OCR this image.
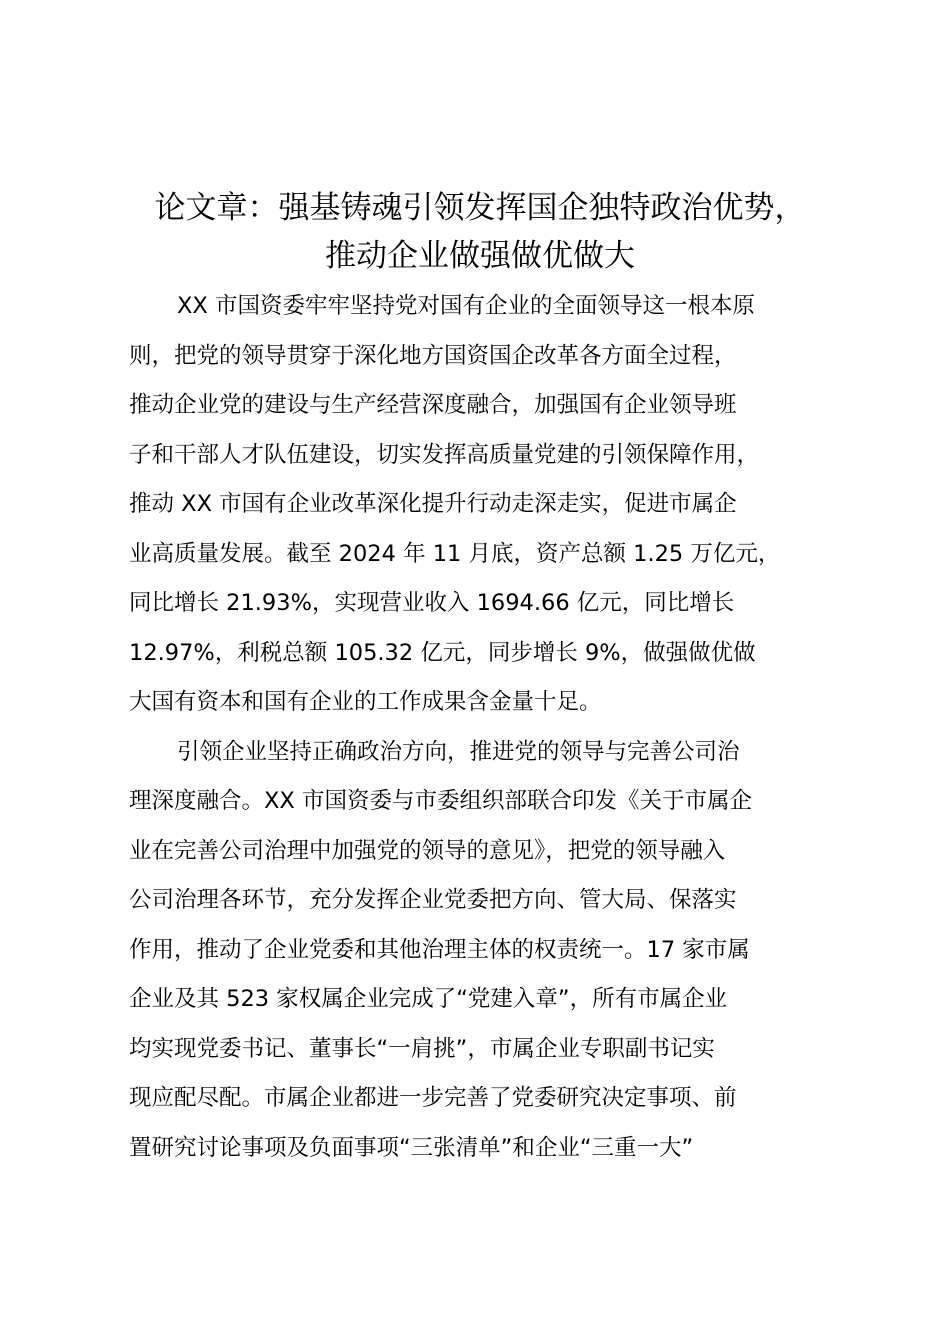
论文章：强基铸魂引领发挥国企独特政治优势，
推动企业做强做优做大
XX 市国资委牢牢坚持党对国有企业的全面领导这一根本原
则，把党的领导贯穿于深化地方国资国企改革各方面全过程，
推动企业党的建设与生产经营深度融合，加强国有企业领导班
子和干部人才队伍建设，切实发挥高质量党建的引领保障作用，
推动 XX 市国有企业改革深化提升行动走深走实，促进市属企
业高质量发展。截至 2024 年 11 月底，资产总额 1.25 万亿元，
同比增长 21.93%，实现营业收入 1694.66 亿元，同比增长
12.97%，利税总额 105.32 亿元，同步增长 9%，做强做优做
大国有资本和国有企业的工作成果含金量十足。
引领企业坚持正确政治方向，推进党的领导与完善公司治
理深度融合。XX 市国资委与市委组织部联合印发《关于市属企
业在完善公司治理中加强党的领导的意见》，把党的领导融入
公司治理各环节，充分发挥企业党委把方向、管大局、保落实
作用，推动了企业党委和其他治理主体的权责统一。17 家市属
企业及其 523 家权属企业完成了“党建入章”，所有市属企业
均实现党委书记、董事长“一肩挑”，市属企业专职副书记实
现应配尽配。市属企业都进一步完善了党委研究决定事项、前
置研究讨论事项及负面事项“三张清单”和企业“三重一大”
